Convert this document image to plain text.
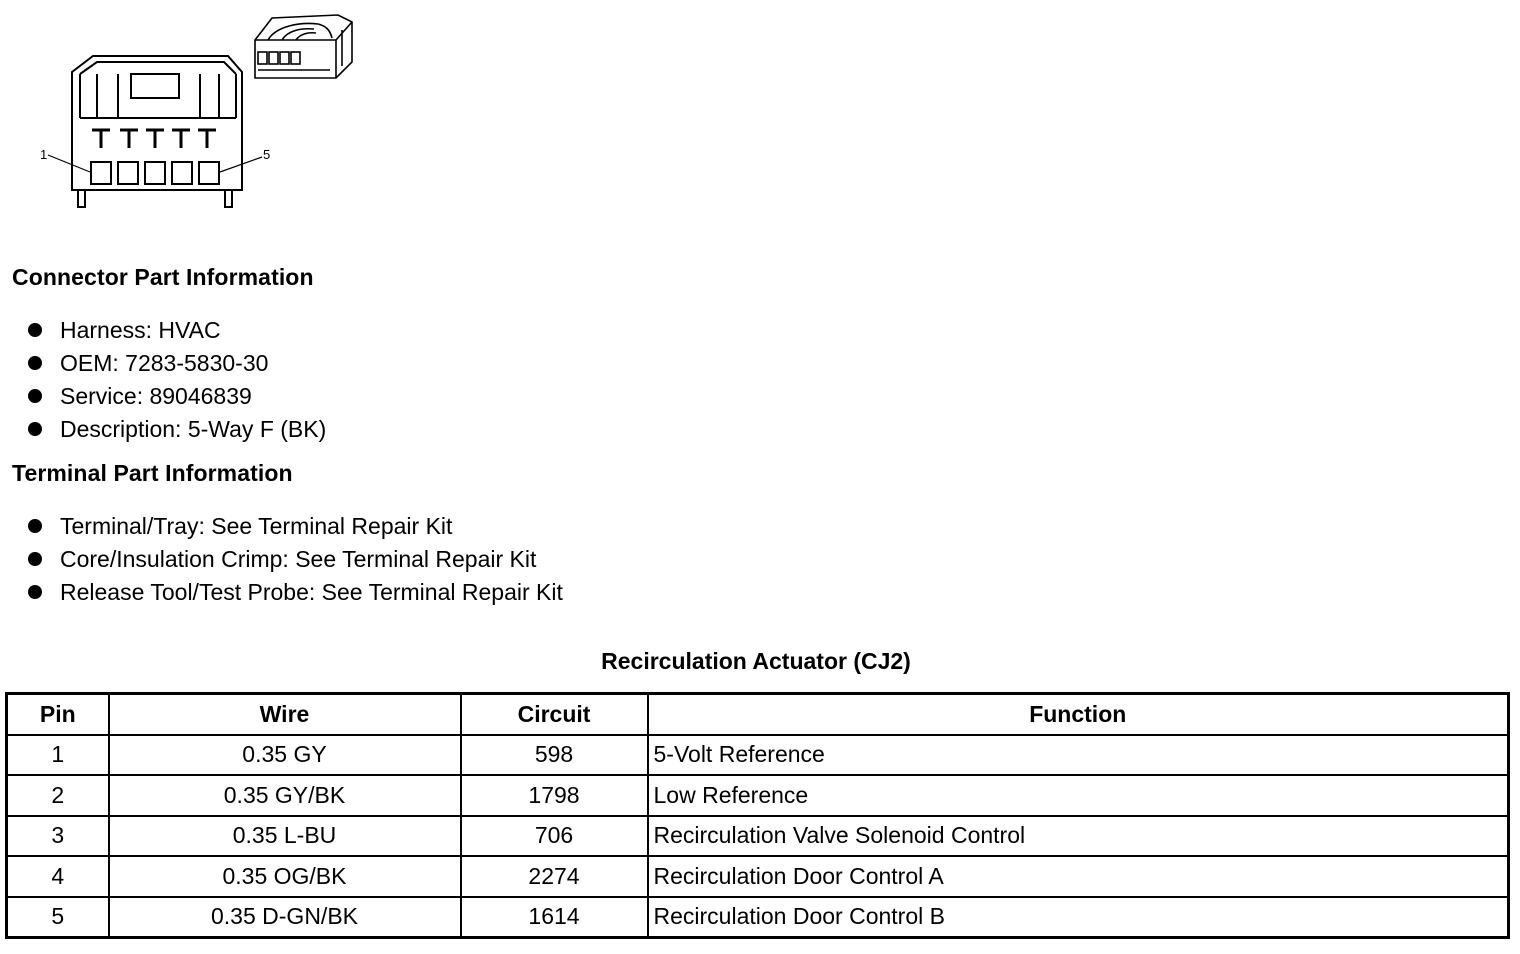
1	5
Connector Part Information
Harness: HVAC
OEM: 7283-5830-30
Service: 89046839
Description: 5-Way F (BK)
Terminal Part Information
Terminal/Tray: See Terminal Repair Kit
Core/Insulation Crimp: See Terminal Repair Kit
Release Tool/Test Probe: See Terminal Repair Kit
Recirculation Actuator (CJ2)
Pin	Wire	Circuit	Function
1	0.35 GY	598	5-Volt Reference
2	0.35 GY/BK	1798	Low Reference
3	0.35 L-BU	706	Recirculation Valve Solenoid Control
4	0.35 OG/BK	2274	Recirculation Door Control A
5	0.35 D-GN/BK	1614	Recirculation Door Control B
